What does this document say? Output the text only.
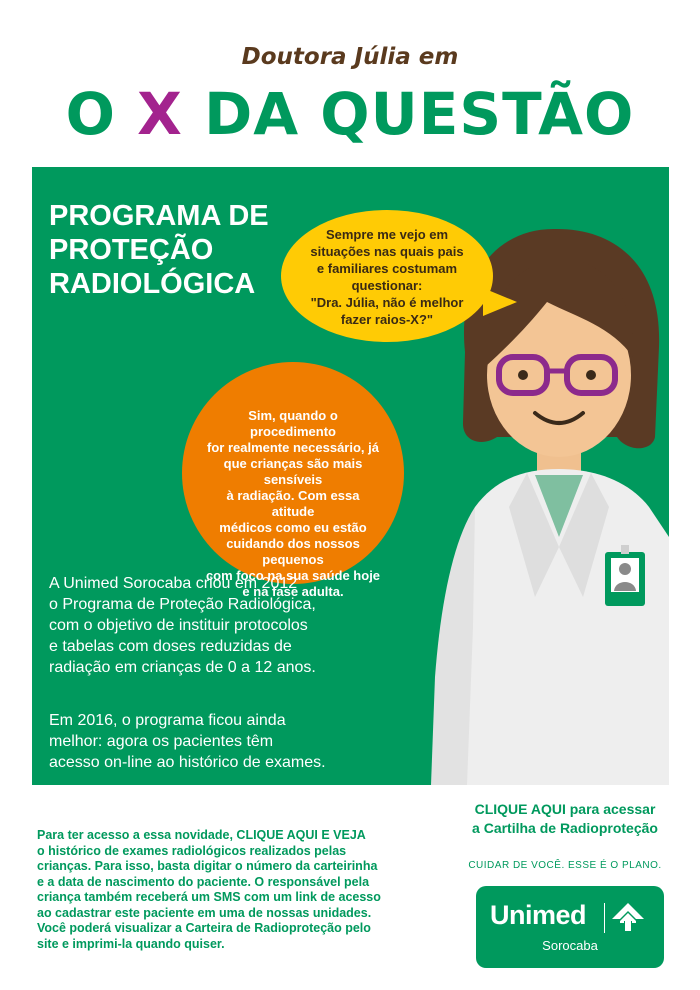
Doutora Júlia em
O X DA QUESTÃO
PROGRAMA DE
PROTEÇÃO
RADIOLÓGICA
Sempre me vejo em
situações nas quais pais
e familiares costumam
questionar:
"Dra. Júlia, não é melhor
fazer raios-X?"
Sim, quando o procedimento
for realmente necessário, já
que crianças são mais sensíveis
à radiação. Com essa atitude
médicos como eu estão
cuidando dos nossos pequenos
com foco na sua saúde hoje
e na fase adulta.
A Unimed Sorocaba criou em 2012
o Programa de Proteção Radiológica,
com o objetivo de instituir protocolos
e tabelas com doses reduzidas de
radiação em crianças de 0 a 12 anos.
Em 2016, o programa ficou ainda
melhor: agora os pacientes têm
acesso on-line ao histórico de exames.
CLIQUE AQUI para acessar
a Cartilha de Radioproteção
CUIDAR DE VOCÊ. ESSE É O PLANO.
Para ter acesso a essa novidade, CLIQUE AQUI E VEJA
o histórico de exames radiológicos realizados pelas
crianças. Para isso, basta digitar o número da carteirinha
e a data de nascimento do paciente. O responsável pela
criança também receberá um SMS com um link de acesso
ao cadastrar este paciente em uma de nossas unidades.
Você poderá visualizar a Carteira de Radioproteção pelo
site e imprimi-la quando quiser.
Unimed
Sorocaba
